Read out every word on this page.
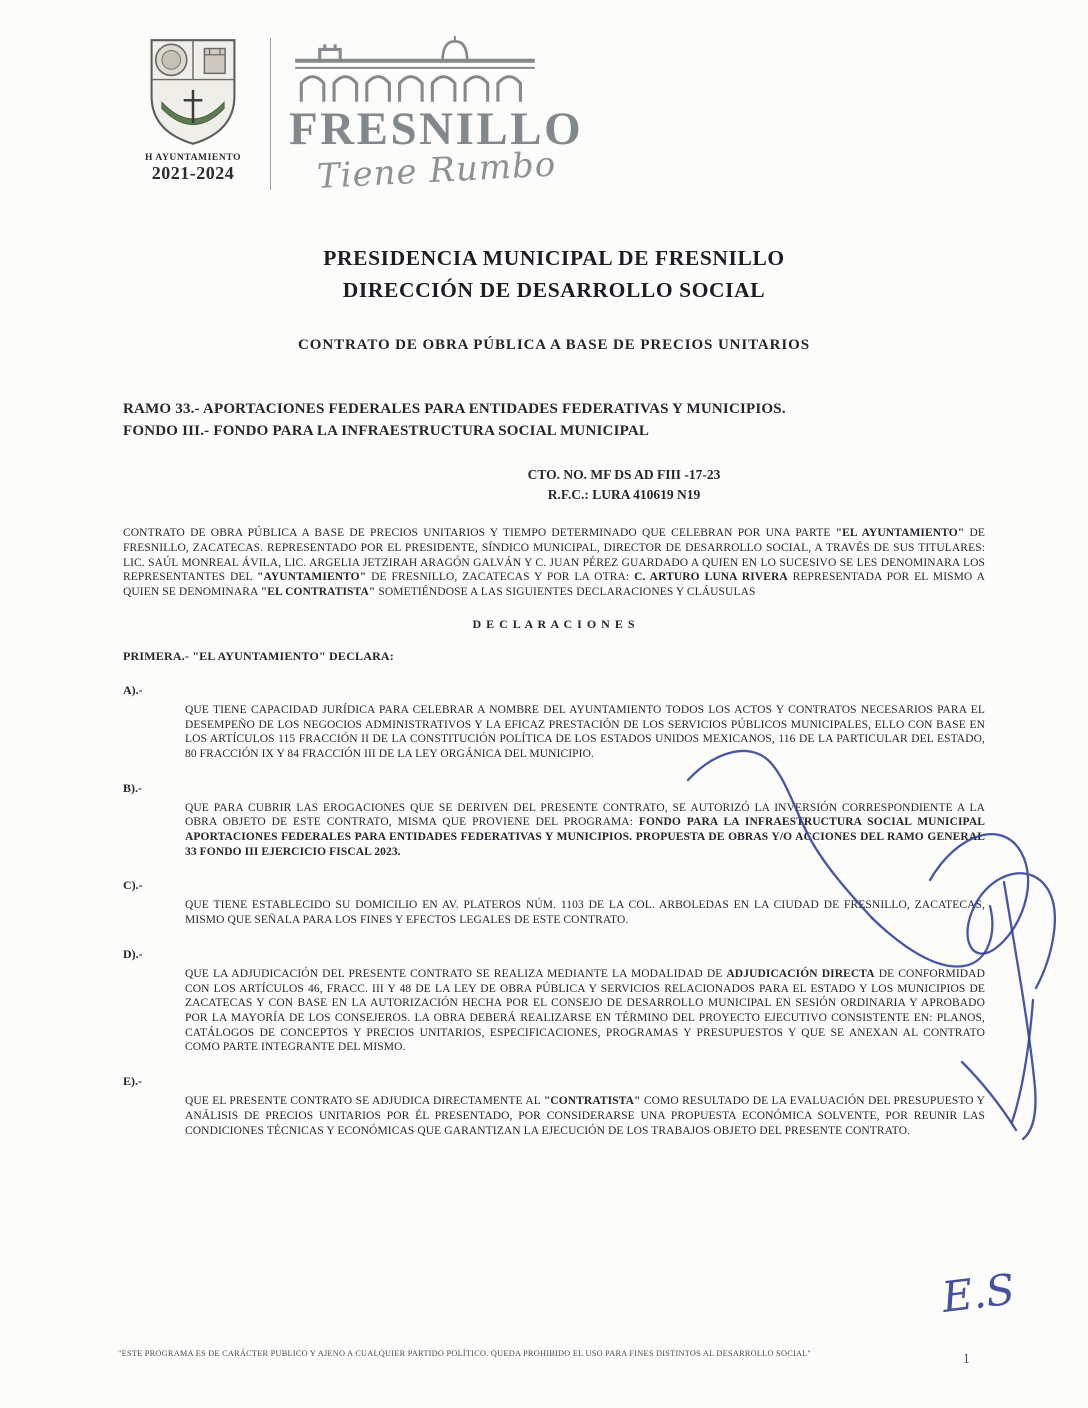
H AYUNTAMIENTO
2021-2024
FRESNILLO
Tiene Rumbo
PRESIDENCIA MUNICIPAL DE FRESNILLO
DIRECCIÓN DE DESARROLLO SOCIAL
CONTRATO DE OBRA PÚBLICA A BASE DE PRECIOS UNITARIOS
RAMO 33.- APORTACIONES FEDERALES PARA ENTIDADES FEDERATIVAS Y MUNICIPIOS.
FONDO III.- FONDO PARA LA INFRAESTRUCTURA SOCIAL MUNICIPAL
CTO. NO. MF DS AD FIII -17-23
R.F.C.: LURA 410619 N19

CONTRATO DE OBRA PÚBLICA A BASE DE PRECIOS UNITARIOS Y TIEMPO DETERMINADO QUE CELEBRAN POR UNA PARTE "EL AYUNTAMIENTO" DE FRESNILLO, ZACATECAS. REPRESENTADO POR EL PRESIDENTE, SÍNDICO MUNICIPAL, DIRECTOR DE DESARROLLO SOCIAL, A TRAVÉS DE SUS TITULARES: LIC. SAÚL MONREAL ÁVILA, LIC. ARGELIA JETZIRAH ARAGÓN GALVÁN Y C. JUAN PÉREZ GUARDADO A QUIEN EN LO SUCESIVO SE LES DENOMINARA LOS REPRESENTANTES DEL "AYUNTAMIENTO" DE FRESNILLO, ZACATECAS Y POR LA OTRA: C. ARTURO LUNA RIVERA REPRESENTADA POR EL MISMO A QUIEN SE DENOMINARA "EL CONTRATISTA" SOMETIÉNDOSE A LAS SIGUIENTES DECLARACIONES Y CLÁUSULAS

D E C L A R A C I O N E S
PRIMERA.- "EL AYUNTAMIENTO" DECLARA:
A).-

QUE TIENE CAPACIDAD JURÍDICA PARA CELEBRAR A NOMBRE DEL AYUNTAMIENTO TODOS LOS ACTOS Y CONTRATOS NECESARIOS PARA EL DESEMPEÑO DE LOS NEGOCIOS ADMINISTRATIVOS Y LA EFICAZ PRESTACIÓN DE LOS SERVICIOS PÚBLICOS MUNICIPALES, ELLO CON BASE EN LOS ARTÍCULOS 115 FRACCIÓN II DE LA CONSTITUCIÓN POLÍTICA DE LOS ESTADOS UNIDOS MEXICANOS, 116 DE LA PARTICULAR DEL ESTADO, 80 FRACCIÓN IX Y 84 FRACCIÓN III DE LA LEY ORGÁNICA DEL MUNICIPIO.

B).-

QUE PARA CUBRIR LAS EROGACIONES QUE SE DERIVEN DEL PRESENTE CONTRATO, SE AUTORIZÓ LA INVERSIÓN CORRESPONDIENTE A LA OBRA OBJETO DE ESTE CONTRATO, MISMA QUE PROVIENE DEL PROGRAMA: FONDO PARA LA INFRAESTRUCTURA SOCIAL MUNICIPAL APORTACIONES FEDERALES PARA ENTIDADES FEDERATIVAS Y MUNICIPIOS. PROPUESTA DE OBRAS Y/O ACCIONES DEL RAMO GENERAL 33 FONDO III EJERCICIO FISCAL 2023.

C).-

QUE TIENE ESTABLECIDO SU DOMICILIO EN AV. PLATEROS NÚM. 1103 DE LA COL. ARBOLEDAS EN LA CIUDAD DE FRESNILLO, ZACATECAS, MISMO QUE SEÑALA PARA LOS FINES Y EFECTOS LEGALES DE ESTE CONTRATO.

D).-

QUE LA ADJUDICACIÓN DEL PRESENTE CONTRATO SE REALIZA MEDIANTE LA MODALIDAD DE ADJUDICACIÓN DIRECTA DE CONFORMIDAD CON LOS ARTÍCULOS 46, FRACC. III Y 48 DE LA LEY DE OBRA PÚBLICA Y SERVICIOS RELACIONADOS PARA EL ESTADO Y LOS MUNICIPIOS DE ZACATECAS Y CON BASE EN LA AUTORIZACIÓN HECHA POR EL CONSEJO DE DESARROLLO MUNICIPAL EN SESIÓN ORDINARIA Y APROBADO POR LA MAYORÍA DE LOS CONSEJEROS. LA OBRA DEBERÁ REALIZARSE EN TÉRMINO DEL PROYECTO EJECUTIVO CONSISTENTE EN: PLANOS, CATÁLOGOS DE CONCEPTOS Y PRECIOS UNITARIOS, ESPECIFICACIONES, PROGRAMAS Y PRESUPUESTOS Y QUE SE ANEXAN AL CONTRATO COMO PARTE INTEGRANTE DEL MISMO.

E).-

QUE EL PRESENTE CONTRATO SE ADJUDICA DIRECTAMENTE AL "CONTRATISTA" COMO RESULTADO DE LA EVALUACIÓN DEL PRESUPUESTO Y ANÁLISIS DE PRECIOS UNITARIOS POR ÉL PRESENTADO, POR CONSIDERARSE UNA PROPUESTA ECONÓMICA SOLVENTE, POR REUNIR LAS CONDICIONES TÉCNICAS Y ECONÓMICAS QUE GARANTIZAN LA EJECUCIÓN DE LOS TRABAJOS OBJETO DEL PRESENTE CONTRATO.

E.S
"ESTE PROGRAMA ES DE CARÁCTER PUBLICO Y AJENO A CUALQUIER PARTIDO POLÍTICO. QUEDA PROHIBIDO EL USO PARA FINES DISTINTOS AL DESARROLLO SOCIAL"	1
